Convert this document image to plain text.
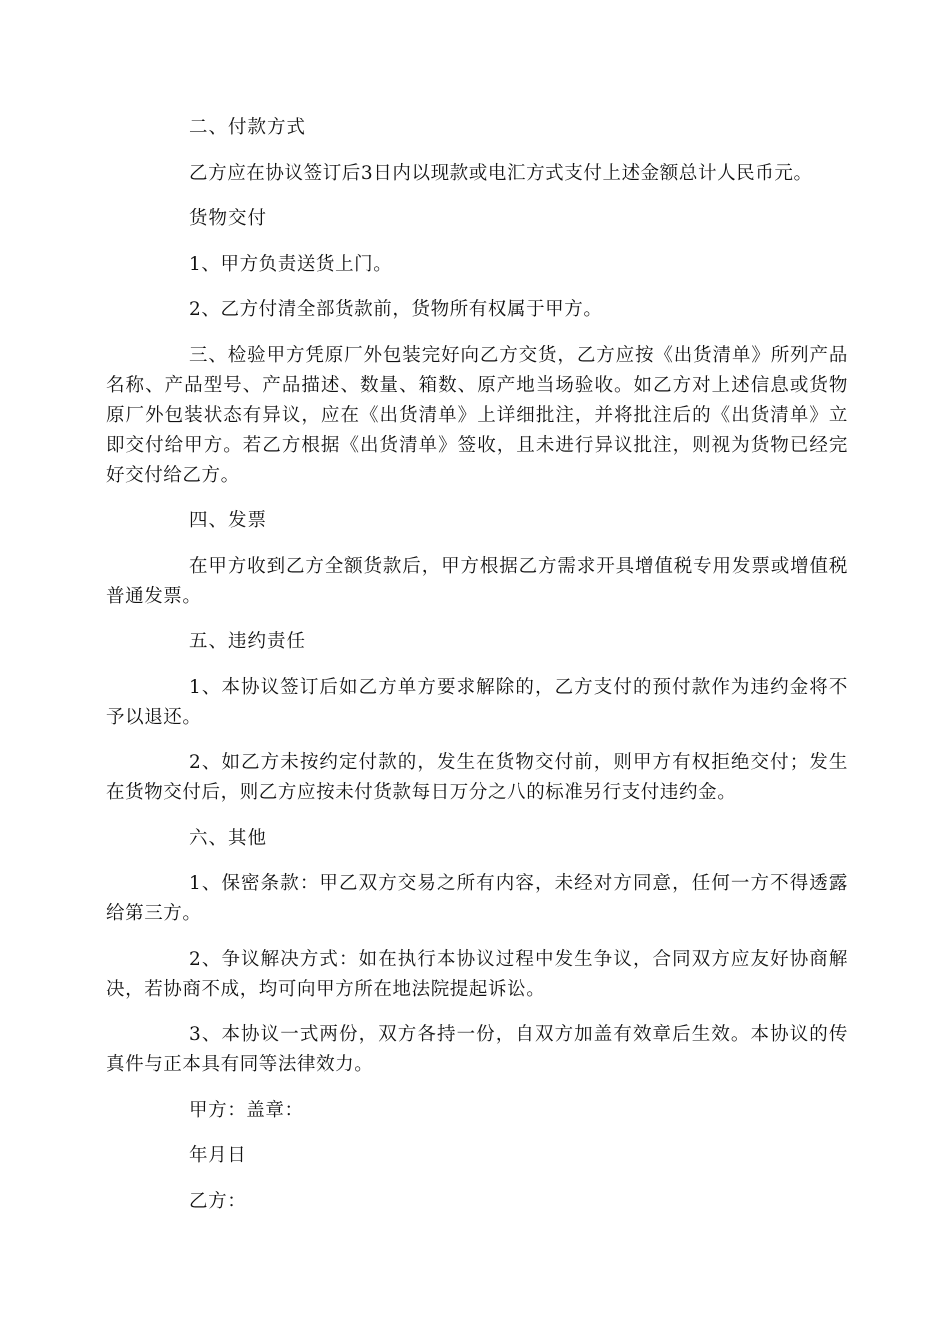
二、付款方式

乙方应在协议签订后3日内以现款或电汇方式支付上述金额总计人民币元。

货物交付

1、甲方负责送货上门。

2、乙方付清全部货款前，货物所有权属于甲方。

三、检验甲方凭原厂外包装完好向乙方交货，乙方应按《出货清单》所列产品名称、产品型号、产品描述、数量、箱数、原产地当场验收。如乙方对上述信息或货物原厂外包装状态有异议，应在《出货清单》上详细批注，并将批注后的《出货清单》立即交付给甲方。若乙方根据《出货清单》签收，且未进行异议批注，则视为货物已经完好交付给乙方。

四、发票

在甲方收到乙方全额货款后，甲方根据乙方需求开具增值税专用发票或增值税普通发票。

五、违约责任

1、本协议签订后如乙方单方要求解除的，乙方支付的预付款作为违约金将不予以退还。

2、如乙方未按约定付款的，发生在货物交付前，则甲方有权拒绝交付；发生在货物交付后，则乙方应按未付货款每日万分之八的标准另行支付违约金。

六、其他

1、保密条款：甲乙双方交易之所有内容，未经对方同意，任何一方不得透露给第三方。

2、争议解决方式：如在执行本协议过程中发生争议，合同双方应友好协商解决，若协商不成，均可向甲方所在地法院提起诉讼。

3、本协议一式两份，双方各持一份，自双方加盖有效章后生效。本协议的传真件与正本具有同等法律效力。

甲方：盖章：

年月日

乙方：
